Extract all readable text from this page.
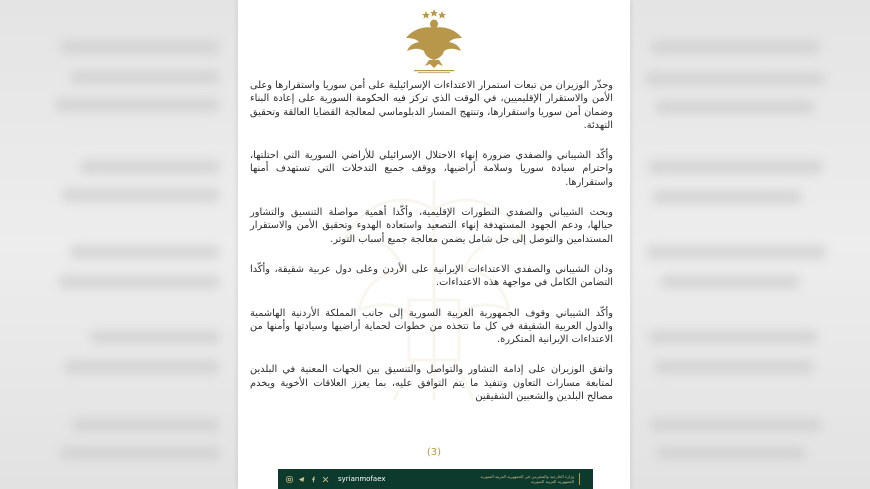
وحذّر الوزيران من تبعات استمرار الاعتداءات الإسرائيلية على أمن سوريا واستقرارها وعلى الأمن والاستقرار الإقليميين، في الوقت الذي تركز فيه الحكومة السورية على إعادة البناء وضمان أمن سوريا واستقرارها، وتنتهج المسار الدبلوماسي لمعالجة القضايا العالقة وتحقيق التهدئة.

وأكّد الشيباني والصفدي ضرورة إنهاء الاحتلال الإسرائيلي للأراضي السورية التي احتلتها، واحترام سيادة سوريا وسلامة أراضيها، ووقف جميع التدخلات التي تستهدف أمنها واستقرارها.

وبحث الشيباني والصفدي التطورات الإقليمية، وأكّدا أهمية مواصلة التنسيق والتشاور حيالها، ودعم الجهود المستهدفة إنهاء التصعيد واستعادة الهدوء وتحقيق الأمن والاستقرار المستدامين والتوصل إلى حل شامل يضمن معالجة جميع أسباب التوتر.

ودان الشيباني والصفدي الاعتداءات الإيرانية على الأردن وعلى دول عربية شقيقة، وأكّدا التضامن الكامل في مواجهة هذه الاعتداءات.

وأكّد الشيباني وقوف الجمهورية العربية السورية إلى جانب المملكة الأردنية الهاشمية والدول العربية الشقيقة في كل ما تتخذه من خطوات لحماية أراضيها وسيادتها وأمنها من الاعتداءات الإيرانية المتكررة.

واتفق الوزيران على إدامة التشاور والتواصل والتنسيق بين الجهات المعنية في البلدين لمتابعة مسارات التعاون وتنفيذ ما يتم التوافق عليه، بما يعزز العلاقات الأخوية ويخدم مصالح البلدين والشعبين الشقيقين

(3)
syrianmofaex	وزارة الخارجية والمغتربين في الجمهورية العربية السورية
الجمهورية العربية السورية
